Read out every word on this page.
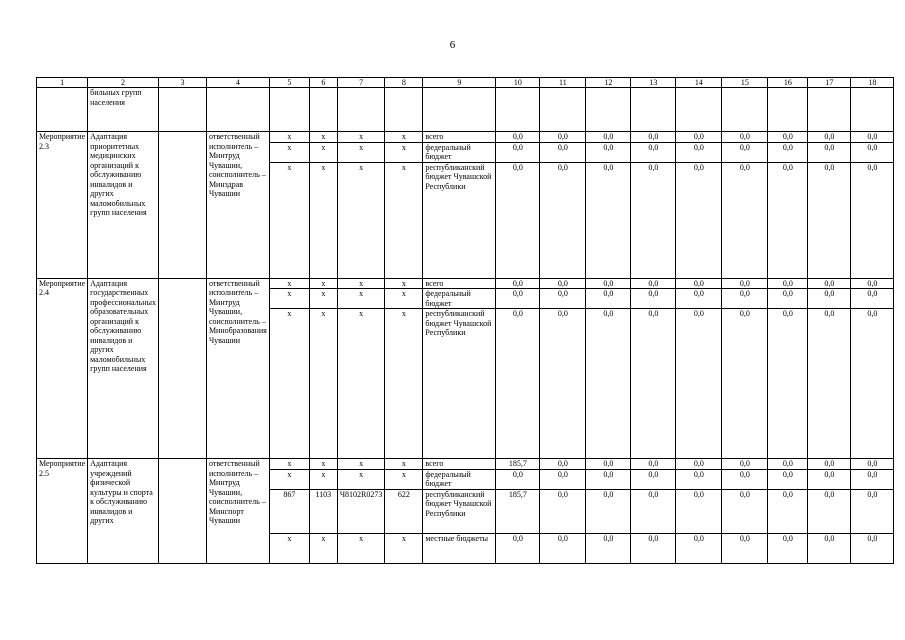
6
1	2	3	4	5	6	7	8	9	10	11	12	13	14	15	16	17	18
	бильных групп населения																
Мероприятие 2.3	Адаптация приоритетных медицинских организаций к обслуживанию инвалидов и других маломобильных групп населения		ответственный исполнитель – Минтруд Чувашии, соисполнитель – Минздрав Чувашии	x	x	x	x	всего	0,0	0,0	0,0	0,0	0,0	0,0	0,0	0,0	0,0
				x	x	x	x	федеральный бюджет	0,0	0,0	0,0	0,0	0,0	0,0	0,0	0,0	0,0
				x	x	x	x	республиканский бюджет Чувашской Республики	0,0	0,0	0,0	0,0	0,0	0,0	0,0	0,0	0,0
Мероприятие 2.4	Адаптация государственных профессиональных образовательных организаций к обслуживанию инвалидов и других маломобильных групп населения		ответственный исполнитель – Минтруд Чувашии, соисполнитель – Минобразования Чувашии	x	x	x	x	всего	0,0	0,0	0,0	0,0	0,0	0,0	0,0	0,0	0,0
				x	x	x	x	федеральный бюджет	0,0	0,0	0,0	0,0	0,0	0,0	0,0	0,0	0,0
				x	x	x	x	республиканский бюджет Чувашской Республики	0,0	0,0	0,0	0,0	0,0	0,0	0,0	0,0	0,0
Мероприятие 2.5	Адаптация учреждений физической культуры и спорта к обслуживанию инвалидов и других		ответственный исполнитель – Минтруд Чувашии, соисполнитель – Минспорт Чувашии	x	x	x	x	всего	185,7	0,0	0,0	0,0	0,0	0,0	0,0	0,0	0,0
				x	x	x	x	федеральный бюджет	0,0	0,0	0,0	0,0	0,0	0,0	0,0	0,0	0,0
				867	1103	Ч8102R0273	622	республиканский бюджет Чувашской Республики	185,7	0,0	0,0	0,0	0,0	0,0	0,0	0,0	0,0
				x	x	x	x	местные бюджеты	0,0	0,0	0,0	0,0	0,0	0,0	0,0	0,0	0,0
